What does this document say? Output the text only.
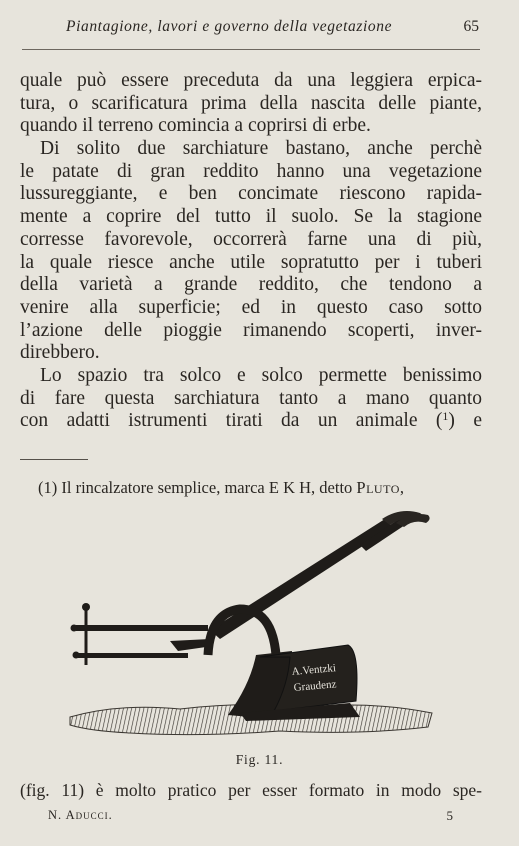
Piantagione, lavori e governo della vegetazione	65
quale può essere preceduta da una leggiera erpica-
tura, o scarificatura prima della nascita delle piante,
quando il terreno comincia a coprirsi di erbe.
Di solito due sarchiature bastano, anche perchè
le patate di gran reddito hanno una vegetazione
lussureggiante, e ben concimate riescono rapida-
mente a coprire del tutto il suolo. Se la stagione
corresse favorevole, occorrerà farne una di più,
la quale riesce anche utile sopratutto per i tuberi
della varietà a grande reddito, che tendono a
venire alla superficie; ed in questo caso sotto
l’azione delle pioggie rimanendo scoperti, inver-
direbbero.
Lo spazio tra solco e solco permette benissimo
di fare questa sarchiatura tanto a mano quanto
con adatti istrumenti tirati da un animale ($^1$) e
(1) Il rincalzatore semplice, marca E K H, detto Pluto,
A.Ventzki
Graudenz
Fig. 11.
(fig. 11) è molto pratico per esser formato in modo spe-
N. Aducci.	5
